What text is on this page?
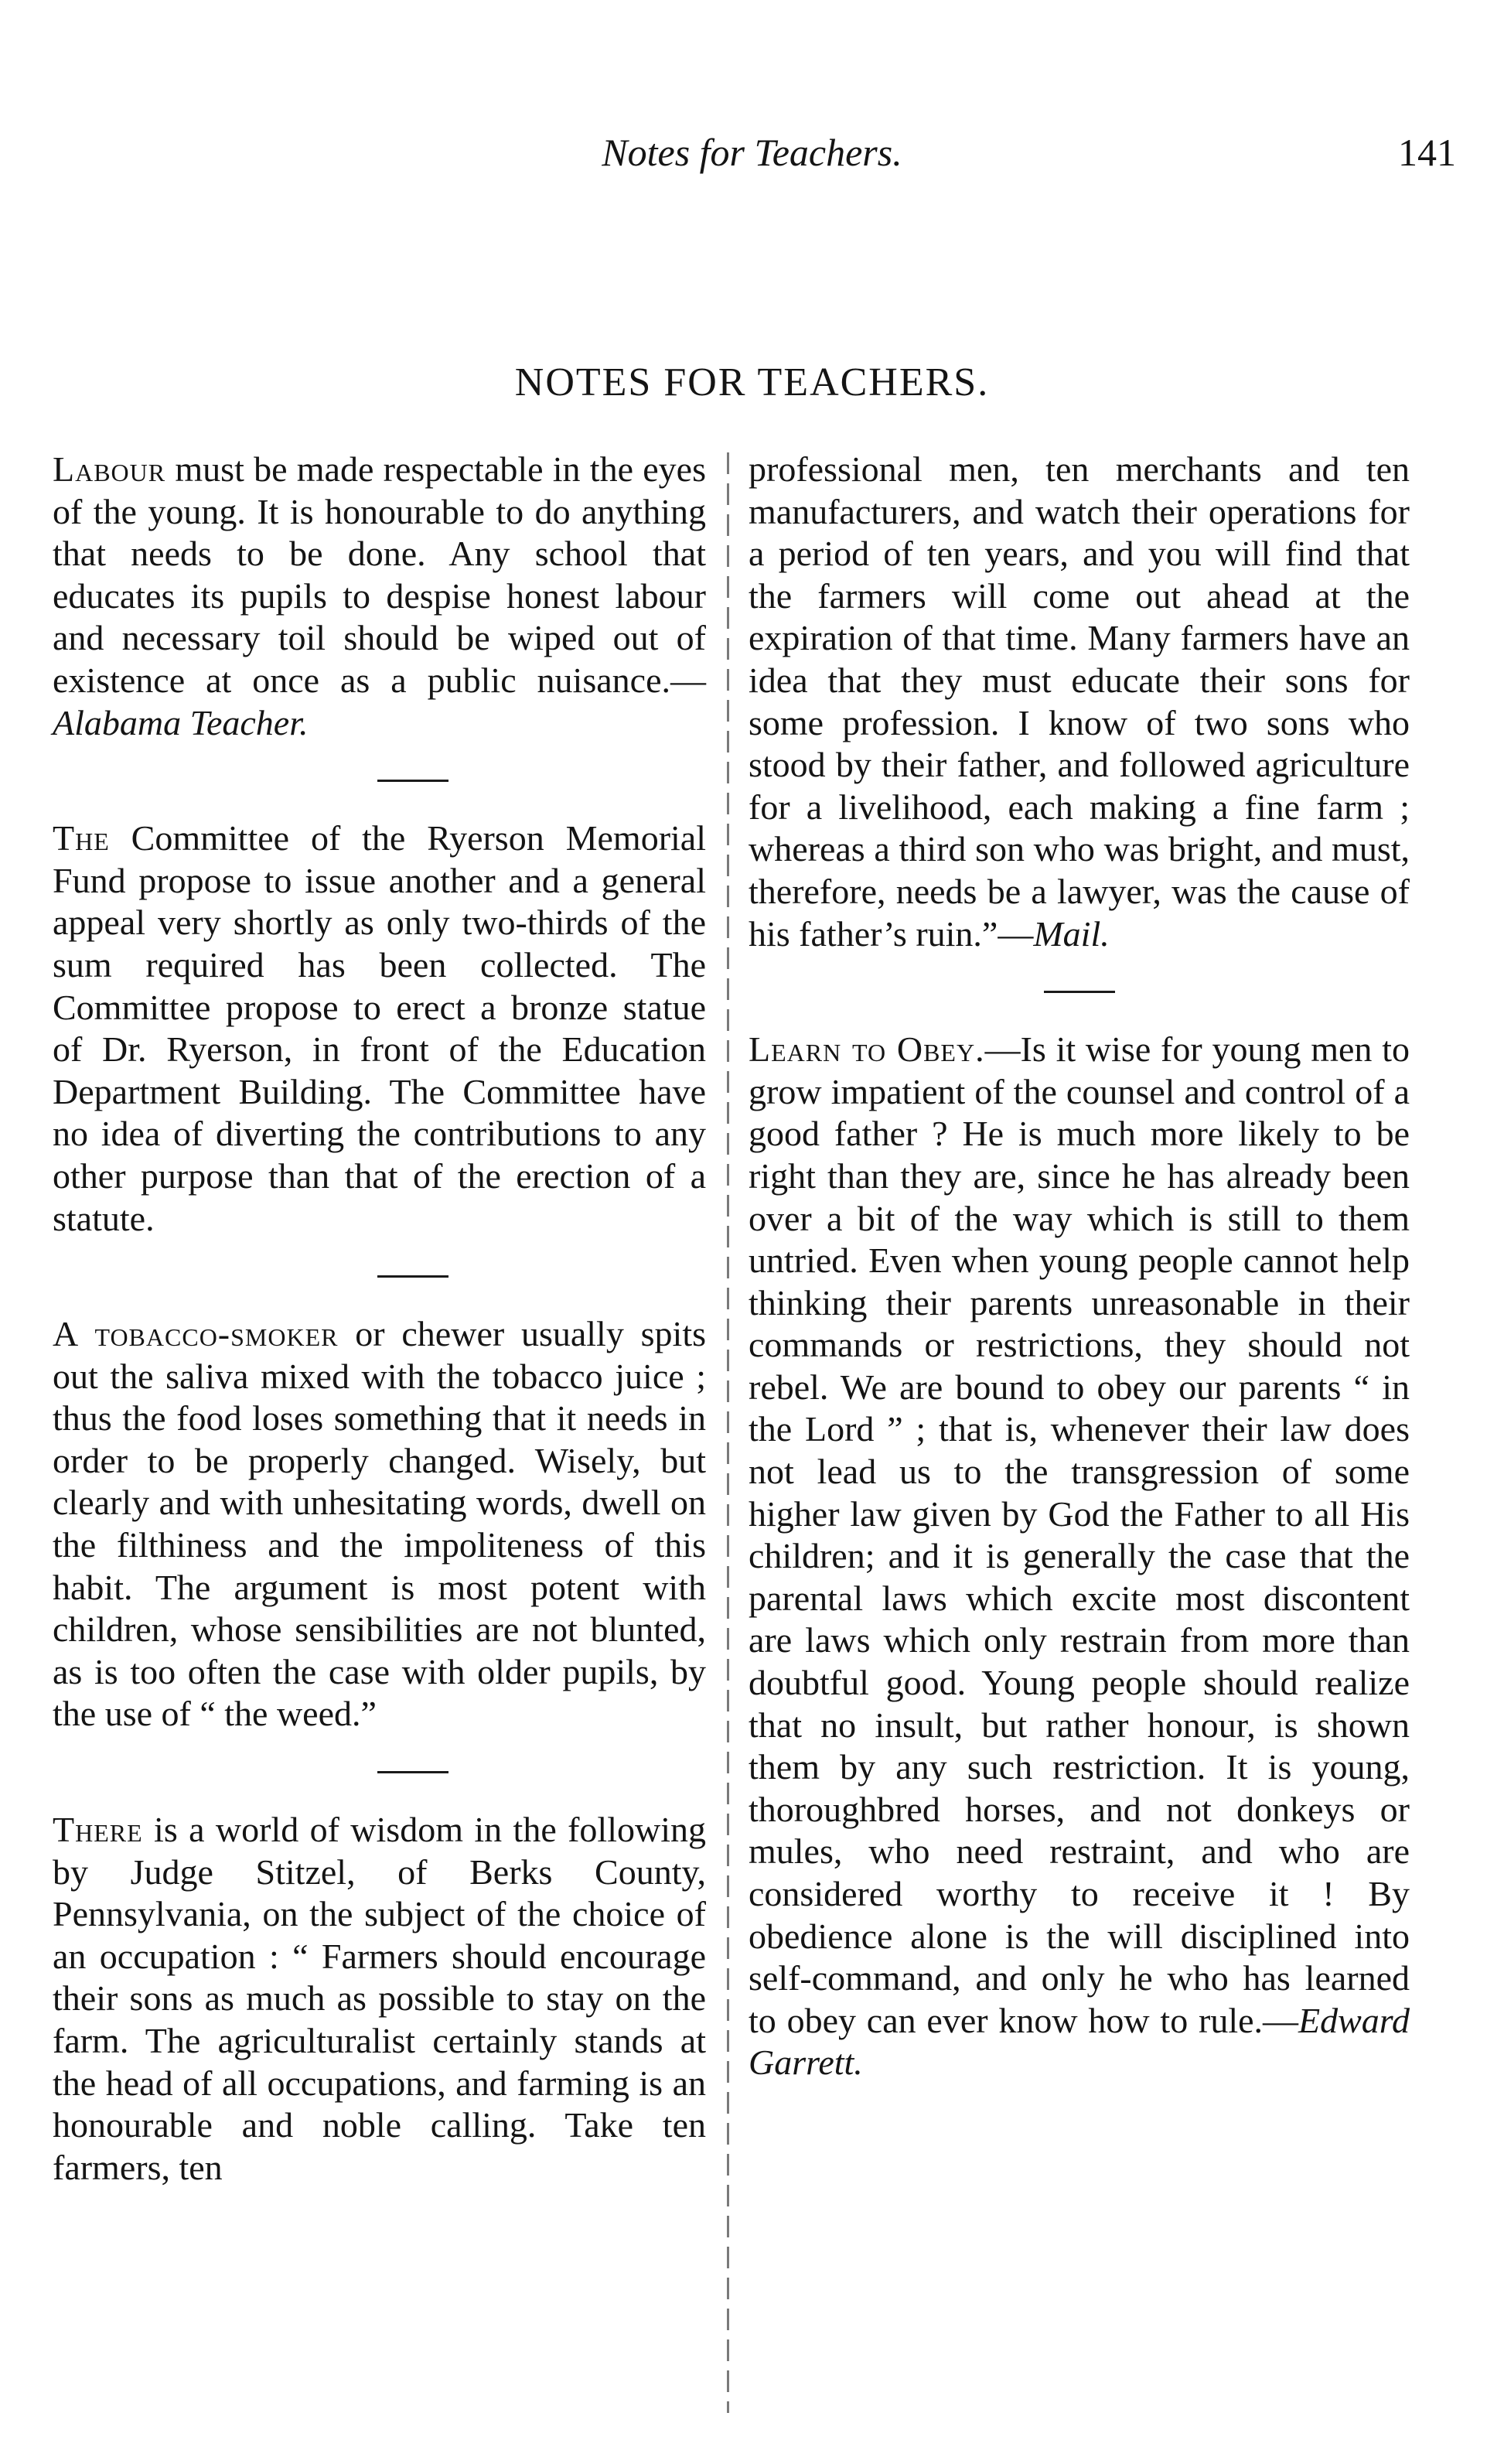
Notes for Teachers.	141
NOTES FOR TEACHERS.

Labour must be made respectable in the eyes of the young. It is honourable to do anything that needs to be done. Any school that educates its pupils to despise honest labour and necessary toil should be wiped out of existence at once as a public nuisance.—Alabama Teacher.

The Committee of the Ryerson Memorial Fund propose to issue another and a general appeal very shortly as only two-thirds of the sum required has been collected. The Committee propose to erect a bronze statue of Dr. Ryerson, in front of the Education Department Building. The Committee have no idea of diverting the contributions to any other purpose than that of the erection of a statute.

A tobacco-smoker or chewer usually spits out the saliva mixed with the tobacco juice ; thus the food loses something that it needs in order to be properly changed. Wisely, but clearly and with unhesitating words, dwell on the filthiness and the impoliteness of this habit. The argument is most potent with children, whose sensibilities are not blunted, as is too often the case with older pupils, by the use of “ the weed.”

There is a world of wisdom in the following by Judge Stitzel, of Berks County, Pennsylvania, on the subject of the choice of an occupation : “ Farmers should encourage their sons as much as possible to stay on the farm. The agriculturalist certainly stands at the head of all occupations, and farming is an honourable and noble calling. Take ten farmers, ten

professional men, ten merchants and ten manufacturers, and watch their operations for a period of ten years, and you will find that the farmers will come out ahead at the expiration of that time. Many farmers have an idea that they must educate their sons for some profession. I know of two sons who stood by their father, and followed agriculture for a livelihood, each making a fine farm ; whereas a third son who was bright, and must, therefore, needs be a lawyer, was the cause of his father’s ruin.”—Mail.

Learn to Obey.—Is it wise for young men to grow impatient of the counsel and control of a good father ? He is much more likely to be right than they are, since he has already been over a bit of the way which is still to them untried. Even when young people cannot help thinking their parents unreasonable in their commands or restrictions, they should not rebel. We are bound to obey our parents “ in the Lord ” ; that is, whenever their law does not lead us to the transgression of some higher law given by God the Father to all His children; and it is generally the case that the parental laws which excite most discontent are laws which only restrain from more than doubtful good. Young people should realize that no insult, but rather honour, is shown them by any such restriction. It is young, thoroughbred horses, and not donkeys or mules, who need restraint, and who are considered worthy to receive it ! By obedience alone is the will disciplined into self-command, and only he who has learned to obey can ever know how to rule.—Edward Garrett.
